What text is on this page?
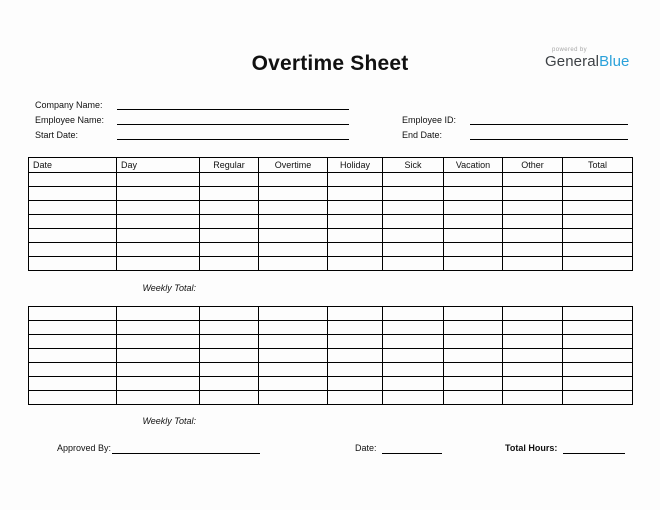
powered by
GeneralBlue
Overtime Sheet
Company Name:
Employee Name:
Start Date:
Employee ID:
End Date:
Date	Day	Regular	Overtime	Holiday	Sick	Vacation	Other	Total

Weekly Total:

Weekly Total:
Approved By:	Date:	Total Hours:
